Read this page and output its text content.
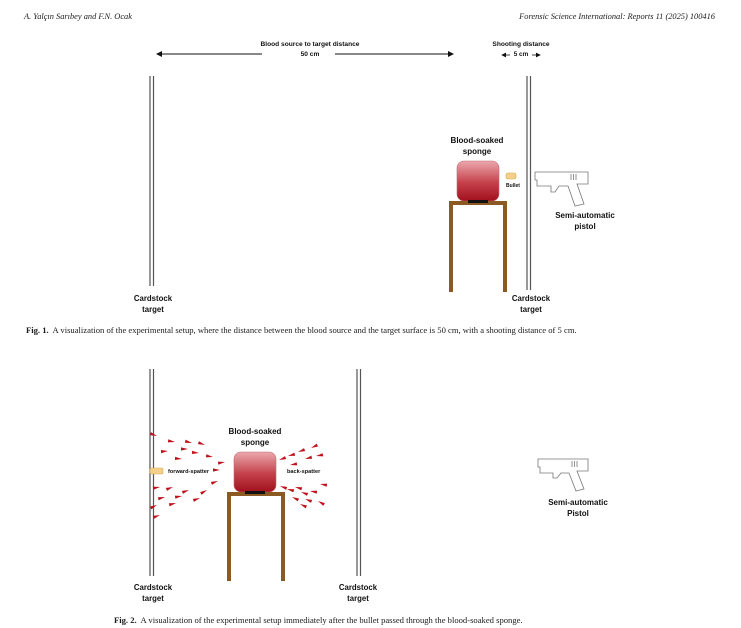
A. Yalçın Sarıbey and F.N. Ocak	Forensic Science International: Reports 11 (2025) 100416
Blood source to target distance
50 cm
Shooting distance
5 cm
Cardstock
target
Cardstock
target
Blood-soaked
sponge
Bullet
Semi-automatic
pistol
Cardstock
target
Cardstock
target
Blood-soaked
sponge
forward-spatter	back-spatter
Semi-automatic
Pistol
Fig. 1. A visualization of the experimental setup, where the distance between the blood source and the target surface is 50 cm, with a shooting distance of 5 cm.
Fig. 2. A visualization of the experimental setup immediately after the bullet passed through the blood-soaked sponge.
